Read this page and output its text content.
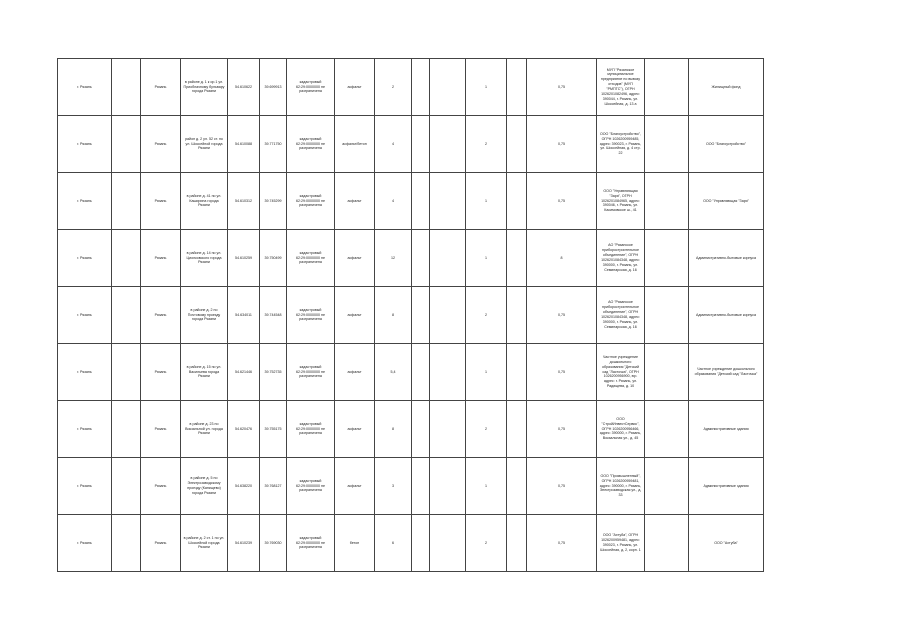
г. Рязань		Рязань	в районе д. 1 к ор.1 ул. Приоблачному бульвару города Рязани	54.610622	39.699913	кадастровый 62:29:0000000 не разграничена	асфальт	2			1		0,75	МУП "Рязанское муниципальное предприятие по вывозу отходов" (МУП "РМПТС"), ОГРН 1026201082496, адрес: 390044, г. Рязань, ул. Шоссейная, д. 13 а		Жилищный фонд
г. Рязань		Рязань	район д. 2 ул. 52 ст. по ул. Шоссейной города Рязани	54.610088	39.771750	кадастровый 62:29:0000000 не разграничена	асфальт/бетон	4			2		0,75	ООО "Благоустройство", ОГРН 1026200959485, адрес: 390023, г. Рязань, ул. Шоссейная, д. 4 стр. 22		ООО "Благоустройство"
г. Рязань		Рязань	в районе д. 41 по ул. Каширина города Рязани	54.610312	39.745299	кадастровый 62:29:0000000 не разграничена	асфальт	4			1		0,75	ООО "Управляющая "Заря", ОГРН 1026201084965, адрес: 390046, г. Рязань, ул. Касимовское ш., 41		ООО "Управляющая "Заря"
г. Рязань		Рязань	в районе д. 14 по ул. Циолковского города Рязани	54.610259	39.750499	кадастровый 62:29:0000000 не разграничена	асфальт	12			1		8	АО "Рязанское приборостроительное объединение", ОГРН 1026201084348, адрес: 390000, г. Рязань, ул. Семинарская, д. 16		Административно-бытовые корпуса
г. Рязань		Рязань	в районе д. 2 по Почтовому проезду города Рязани	54.634011	39.744548	кадастровый 62:29:0000000 не разграничена	асфальт	8			2		0,75	АО "Рязанское приборостроительное объединение", ОГРН 1026201084348, адрес: 390000, г. Рязань, ул. Семинарская, д. 16		Административно-бытовые корпуса
г. Рязань		Рязань	в районе д. 15 по ул. Васильева города Рязани	54.621446	39.752735	кадастровый 62:29:0000000 не разграничена	асфальт	5,4			1		0,75	Частное учреждение дошкольного образования "Детский сад "Ласточка", ОГРН 1026200956900, юр. адрес: г. Рязань, ул. Радищева, д. 10		Частное учреждение дошкольного образования "Детский сад "Ласточка"
г. Рязань		Рязань	в районе д. 23 по Вокзальной ул. города Рязани	54.620476	39.755175	кадастровый 62:29:0000000 не разграничена	асфальт	8			2		0,75	ООО "СтройИнвестСервис", ОГРН 1026200956466, адрес: 390000, г. Рязань, Вокзальная ул., д. 45		Административные здания
г. Рязань		Рязань	в районе д. 5 по Электрозаводскому проезду (Канищево) города Рязани	54.638220	39.768127	кадастровый 62:29:0000000 не разграничена	асфальт	3			1		0,75	ООО "Промышленный", ОГРН 1026200959481, адрес: 390000, г. Рязань, Электрозаводская ул., д. 33		Административные здания
г. Рязань		Рязань	в районе д. 2 ст. 1 по ул. Шоссейной города Рязани	54.610239	39.769030	кадастровый 62:29:0000000 не разграничена	бетон	6			2		0,75	ООО "Ахтуба", ОГРН 1026200959481, адрес: 390023, г. Рязань, ул. Шоссейная, д. 2, корп. 1		ООО "Ахтуба"
